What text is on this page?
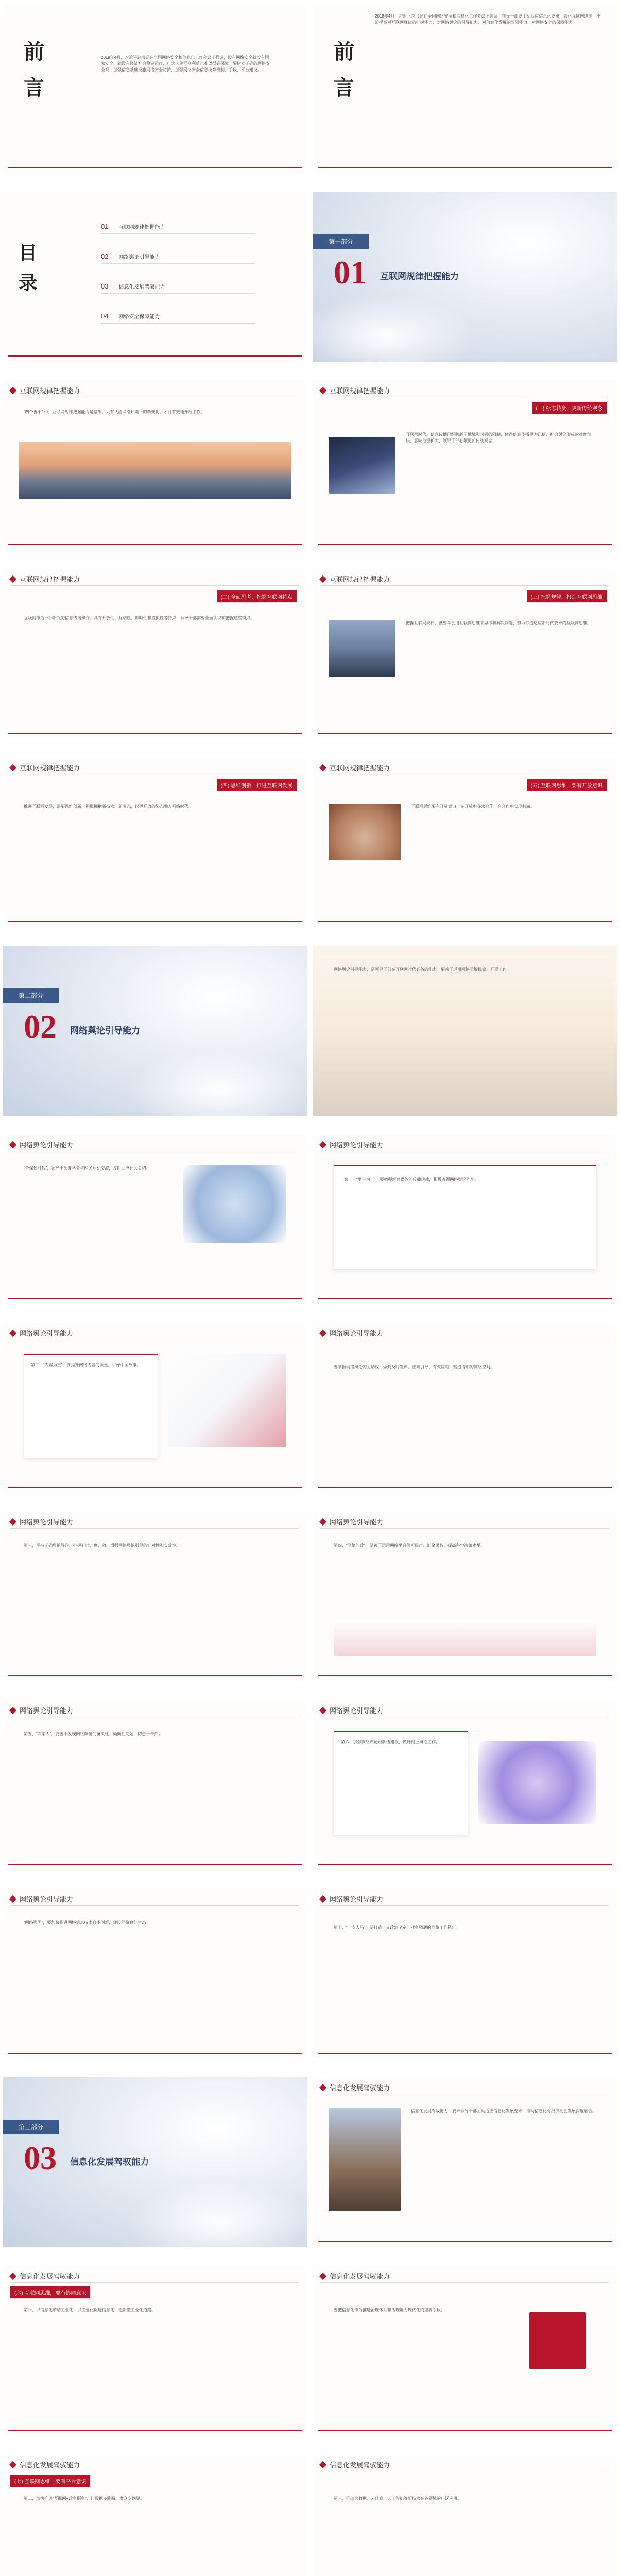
前
言

2018年4月，习近平总书记在全国网络安全和信息化工作会议上强调，没有网络安全就没有国家安全，就没有经济社会稳定运行，广大人民群众利益也难以得到保障。要树立正确的网络安全观，加强信息基础设施网络安全防护，加强网络安全信息统筹机制、手段、平台建设。

2018年4月，习近平总书记在全国网络安全和信息化工作会议上强调，领导干部要主动适应信息化要求，强化互联网思维，不断提高对互联网规律的把握能力、对网络舆论的引导能力、对信息化发展的驾驭能力、对网络安全的保障能力。

前
言
目
录
01 互联网规律把握能力
02 网络舆论引导能力
03 信息化发展驾驭能力
04 网络安全保障能力
第一部分
01 互联网规律把握能力
互联网规律把握能力

“四个善于” 中，互联网规律把握能力是基础。只有认清网络环境下的新变化，才能有效地开展工作。

互联网规律把握能力
(一) 标志转变，更新传统观念

互联网时代，信息传播已经跨越了地域和时间的限制，使得信息传播更为迅捷，社会舆论形成的速度加快、影响范围扩大，领导干部必须更新传统观念。

互联网规律把握能力
(二) 全面思考，把握互联网特点

互联网作为一种新兴的信息传播媒介，具有开放性、互动性、即时性和虚拟性等特点，领导干部需要全面认识和把握这些特点。

互联网规律把握能力
(三) 把握规律，打造互联网思维

把握互联网规律，就要学会用互联网思维来思考和解决问题，努力打造适应新时代要求的互联网思维。

互联网规律把握能力
(四) 思维创新，推进互联网发展

推进互联网发展，需要思维创新，积极拥抱新技术、新业态，以更开放的姿态融入网络时代。

互联网规律把握能力
(五) 互联网思维，要有开放意识

互联网思维要有开放意识，在开放中寻求合作，在合作中实现共赢。

第二部分
02 网络舆论引导能力

网络舆论引导能力，是领导干部在互联网时代必备的能力。要善于运用网络了解民意、开展工作。

网络舆论引导能力

“全媒体时代”，领导干部要学会与网民互动交流，及时回应社会关切。

网络舆论引导能力

第一，“平台为王”，要把握新兴媒体的传播规律，积极占领网络舆论阵地。

网络舆论引导能力

第二，“内容为王”，要提升网络内容的质量，讲好中国故事。

网络舆论引导能力

要掌握网络舆论的主动权，做到及时发声、正确引导、有效应对，营造清朗的网络空间。

网络舆论引导能力

第三，坚持正确舆论导向，把握好时、度、效，增强网络舆论引导的针对性和实效性。

网络舆论引导能力

第四，“网络问政”，要善于运用网络平台倾听民声、汇聚民智，提高科学决策水平。

网络舆论引导能力

第五，“吹哨人”，要善于发现网络舆情的苗头性、倾向性问题，防患于未然。

网络舆论引导能力

第六，加强网络评论员队伍建设，做好网上舆论工作。

网络舆论引导能力

“网络强国”，要加快推进网络信息技术自主创新，建设网络良好生态。

网络舆论引导能力

第七，“一支人马”，要打造一支政治坚定、业务精通的网络工作队伍。

第三部分
03 信息化发展驾驭能力
信息化发展驾驭能力

信息化发展驾驭能力，要求领导干部主动适应信息化发展要求，推动信息化与经济社会发展深度融合。

信息化发展驾驭能力
(六) 互联网思维，要有协同意识

第一，以信息化带动工业化，以工业化促进信息化，走新型工业化道路。

信息化发展驾驭能力

要把信息化作为推进治理体系和治理能力现代化的重要手段。

信息化发展驾驭能力
(七) 互联网思维，要有平台意识

第二，加快推进“互联网+政务服务”，让数据多跑路、群众少跑腿。

信息化发展驾驭能力

第三，推动大数据、云计算、人工智能等新技术在各领域的广泛应用。
